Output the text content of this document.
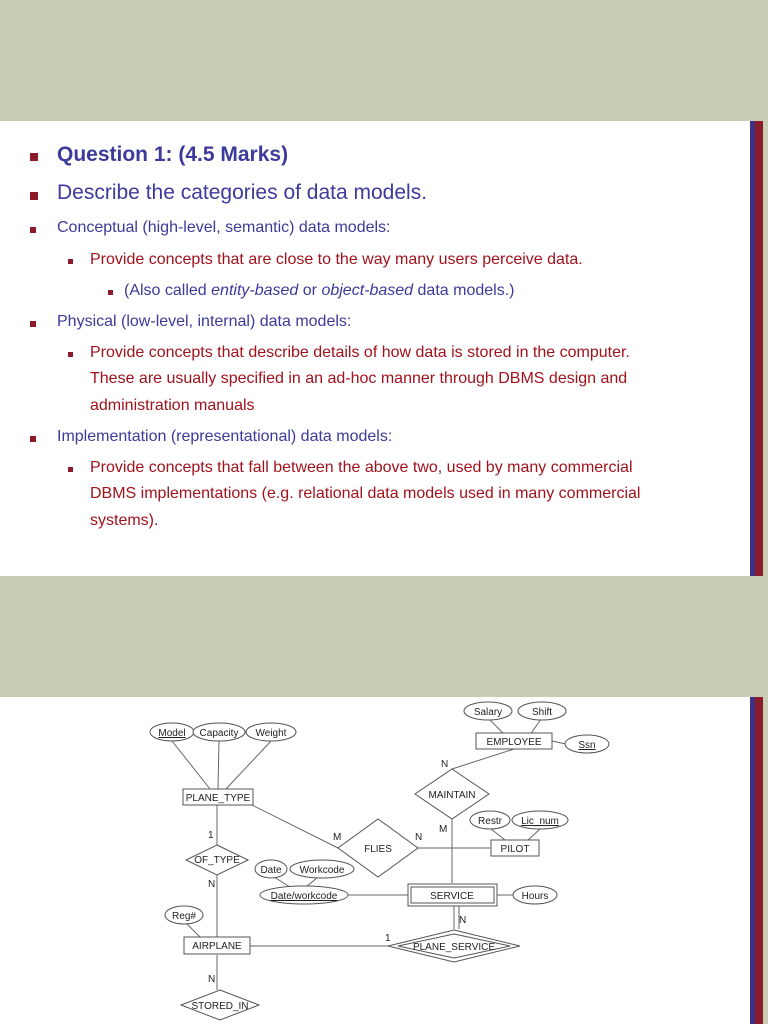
Question 1: (4.5 Marks)
Describe the categories of data models.
Conceptual (high-level, semantic) data models:
Provide concepts that are close to the way many users perceive data.
(Also called entity-based or object-based data models.)
Physical (low-level, internal) data models:
Provide concepts that describe details of how data is stored in the computer.
These are usually specified in an ad-hoc manner through DBMS design and
administration manuals
Implementation (representational) data models:
Provide concepts that fall between the above two, used by many commercial
DBMS implementations (e.g. relational data models used in many commercial
systems).
EMPLOYEE
PLANE_TYPE
PILOT
SERVICE
AIRPLANE
MAINTAIN
FLIES
OF_TYPE
PLANE_SERVICE
STORED_IN
Salary	Shift
Ssn
Model Capacity Weight
Restr Lic_num
Date Workcode
Date/workcode	Hours
Reg#
N
M
M	N
1
N
N
1
N
